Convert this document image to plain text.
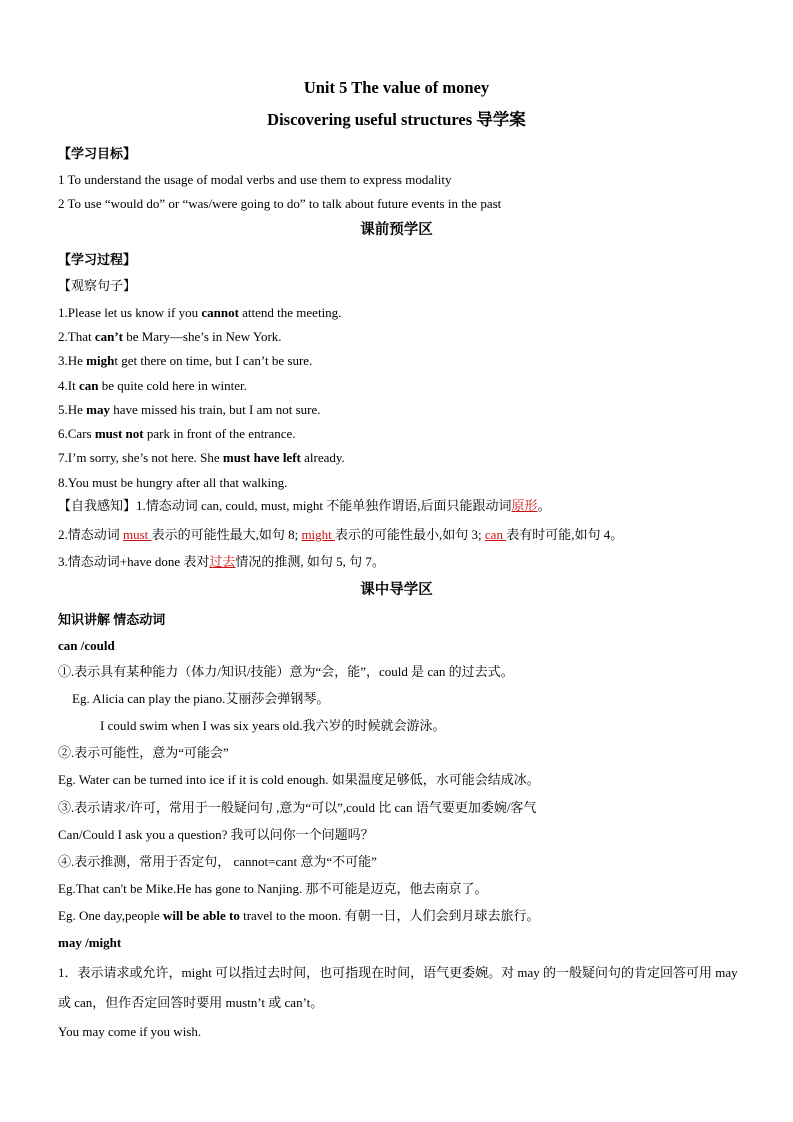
Unit 5 The value of money
Discovering useful structures 导学案
【学习目标】
1 To understand the usage of modal verbs and use them to express modality
2 To use “would do” or “was/were going to do” to talk about future events in the past
课前预学区
【学习过程】
【观察句子】
1.Please let us know if you cannot attend the meeting.
2.That can’t be Mary—she’s in New York.
3.He might get there on time, but I can’t be sure.
4.It can be quite cold here in winter.
5.He may have missed his train, but I am not sure.
6.Cars must not park in front of the entrance.
7.I’m sorry, she’s not here. She must have left already.
8.You must be hungry after all that walking.
【自我感知】1.情态动词 can, could, must, might 不能单独作谓语,后面只能跟动词原形。
2.情态动词 must 表示的可能性最大,如句 8; might 表示的可能性最小,如句 3; can 表有时可能,如句 4。
3.情态动词+have done 表对过去情况的推测, 如句 5, 句 7。
课中导学区
知识讲解 情态动词
can /could
①.表示具有某种能力（体力/知识/技能）意为“会，能”，could 是 can 的过去式。
Eg. Alicia can play the piano.艾丽莎会弹钢琴。
I could swim when I was six years old.我六岁的时候就会游泳。
②.表示可能性，意为“可能会”
Eg. Water can be turned into ice if it is cold enough. 如果温度足够低，水可能会结成冰。
③.表示请求/许可，常用于一般疑问句 ,意为“可以”,could 比 can 语气要更加委婉/客气
Can/Could I ask you a question? 我可以问你一个问题吗？
④.表示推测，常用于否定句， cannot=cant 意为“不可能”
Eg.That can't be Mike.He has gone to Nanjing. 那不可能是迈克，他去南京了。
Eg. One day,people will be able to travel to the moon. 有朝一日，人们会到月球去旅行。
may /might
1．表示请求或允许，might 可以指过去时间，也可指现在时间，语气更委婉。对 may 的一般疑问句的肯定回答可用 may 或 can，但作否定回答时要用 mustn’t 或 can’t。
You may come if you wish.
